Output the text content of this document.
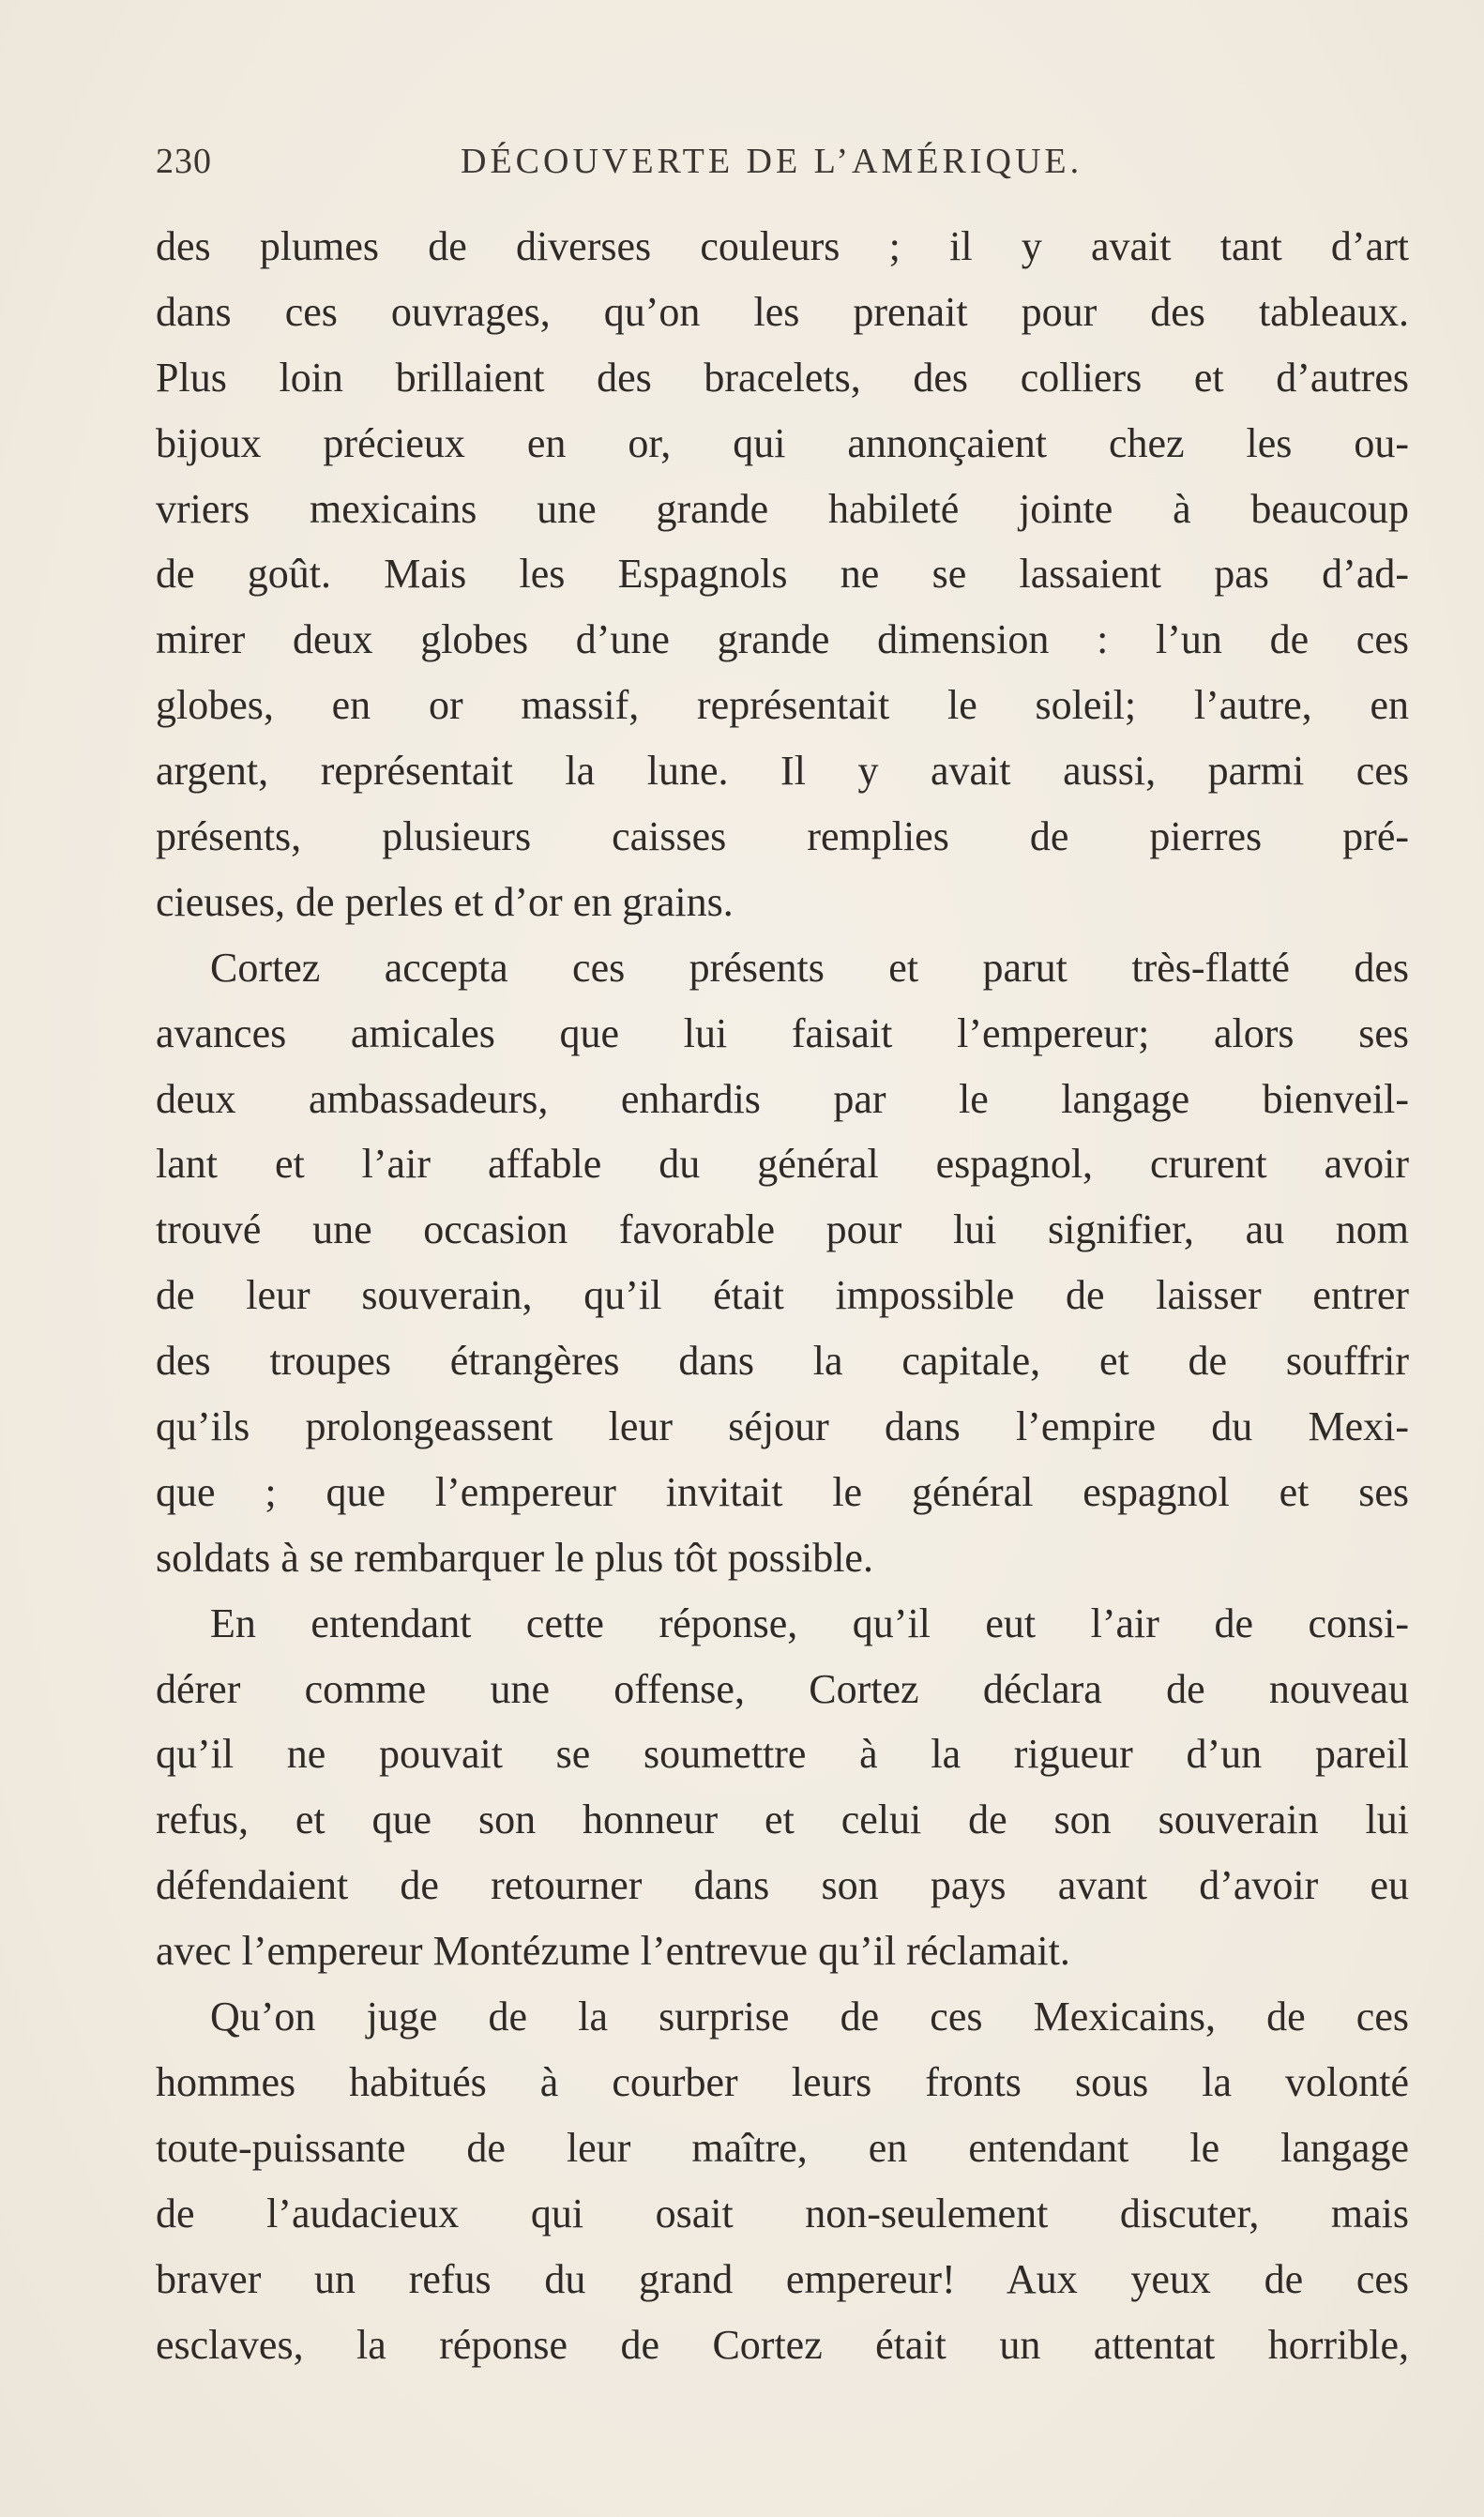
230	DÉCOUVERTE DE L’AMÉRIQUE.
des plumes de diverses couleurs ; il y avait tant d’art
dans ces ouvrages, qu’on les prenait pour des tableaux.
Plus loin brillaient des bracelets, des colliers et d’autres
bijoux précieux en or, qui annonçaient chez les ou-
vriers mexicains une grande habileté jointe à beaucoup
de goût. Mais les Espagnols ne se lassaient pas d’ad-
mirer deux globes d’une grande dimension : l’un de ces
globes, en or massif, représentait le soleil; l’autre, en
argent, représentait la lune. Il y avait aussi, parmi ces
présents, plusieurs caisses remplies de pierres pré-
cieuses, de perles et d’or en grains.
Cortez accepta ces présents et parut très-flatté des
avances amicales que lui faisait l’empereur; alors ses
deux ambassadeurs, enhardis par le langage bienveil-
lant et l’air affable du général espagnol, crurent avoir
trouvé une occasion favorable pour lui signifier, au nom
de leur souverain, qu’il était impossible de laisser entrer
des troupes étrangères dans la capitale, et de souffrir
qu’ils prolongeassent leur séjour dans l’empire du Mexi-
que ; que l’empereur invitait le général espagnol et ses
soldats à se rembarquer le plus tôt possible.
En entendant cette réponse, qu’il eut l’air de consi-
dérer comme une offense, Cortez déclara de nouveau
qu’il ne pouvait se soumettre à la rigueur d’un pareil
refus, et que son honneur et celui de son souverain lui
défendaient de retourner dans son pays avant d’avoir eu
avec l’empereur Montézume l’entrevue qu’il réclamait.
Qu’on juge de la surprise de ces Mexicains, de ces
hommes habitués à courber leurs fronts sous la volonté
toute-puissante de leur maître, en entendant le langage
de l’audacieux qui osait non-seulement discuter, mais
braver un refus du grand empereur! Aux yeux de ces
esclaves, la réponse de Cortez était un attentat horrible,
